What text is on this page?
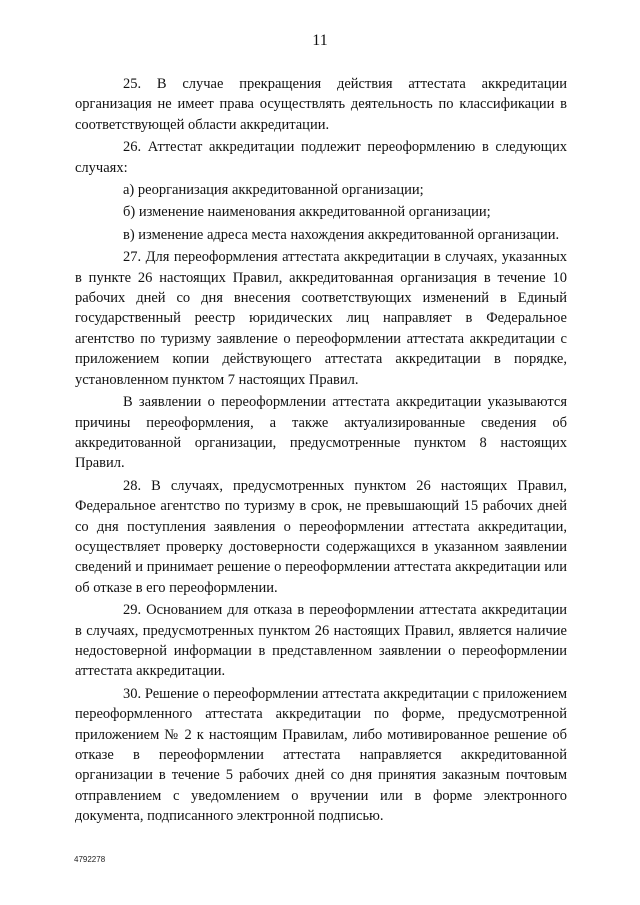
11

25. В случае прекращения действия аттестата аккредитации организация не имеет права осуществлять деятельность по классификации в соответствующей области аккредитации.

26. Аттестат аккредитации подлежит переоформлению в следующих случаях:

а) реорганизация аккредитованной организации;

б) изменение наименования аккредитованной организации;

в) изменение адреса места нахождения аккредитованной организации.

27. Для переоформления аттестата аккредитации в случаях, указанных в пункте 26 настоящих Правил, аккредитованная организация в течение 10 рабочих дней со дня внесения соответствующих изменений в Единый государственный реестр юридических лиц направляет в Федеральное агентство по туризму заявление о переоформлении аттестата аккредитации с приложением копии действующего аттестата аккредитации в порядке, установленном пунктом 7 настоящих Правил.

В заявлении о переоформлении аттестата аккредитации указываются причины переоформления, а также актуализированные сведения об аккредитованной организации, предусмотренные пунктом 8 настоящих Правил.

28. В случаях, предусмотренных пунктом 26 настоящих Правил, Федеральное агентство по туризму в срок, не превышающий 15 рабочих дней со дня поступления заявления о переоформлении аттестата аккредитации, осуществляет проверку достоверности содержащихся в указанном заявлении сведений и принимает решение о переоформлении аттестата аккредитации или об отказе в его переоформлении.

29. Основанием для отказа в переоформлении аттестата аккредитации в случаях, предусмотренных пунктом 26 настоящих Правил, является наличие недостоверной информации в представленном заявлении о переоформлении аттестата аккредитации.

30. Решение о переоформлении аттестата аккредитации с приложением переоформленного аттестата аккредитации по форме, предусмотренной приложением № 2 к настоящим Правилам, либо мотивированное решение об отказе в переоформлении аттестата направляется аккредитованной организации в течение 5 рабочих дней со дня принятия заказным почтовым отправлением с уведомлением о вручении или в форме электронного документа, подписанного электронной подписью.

4792278
